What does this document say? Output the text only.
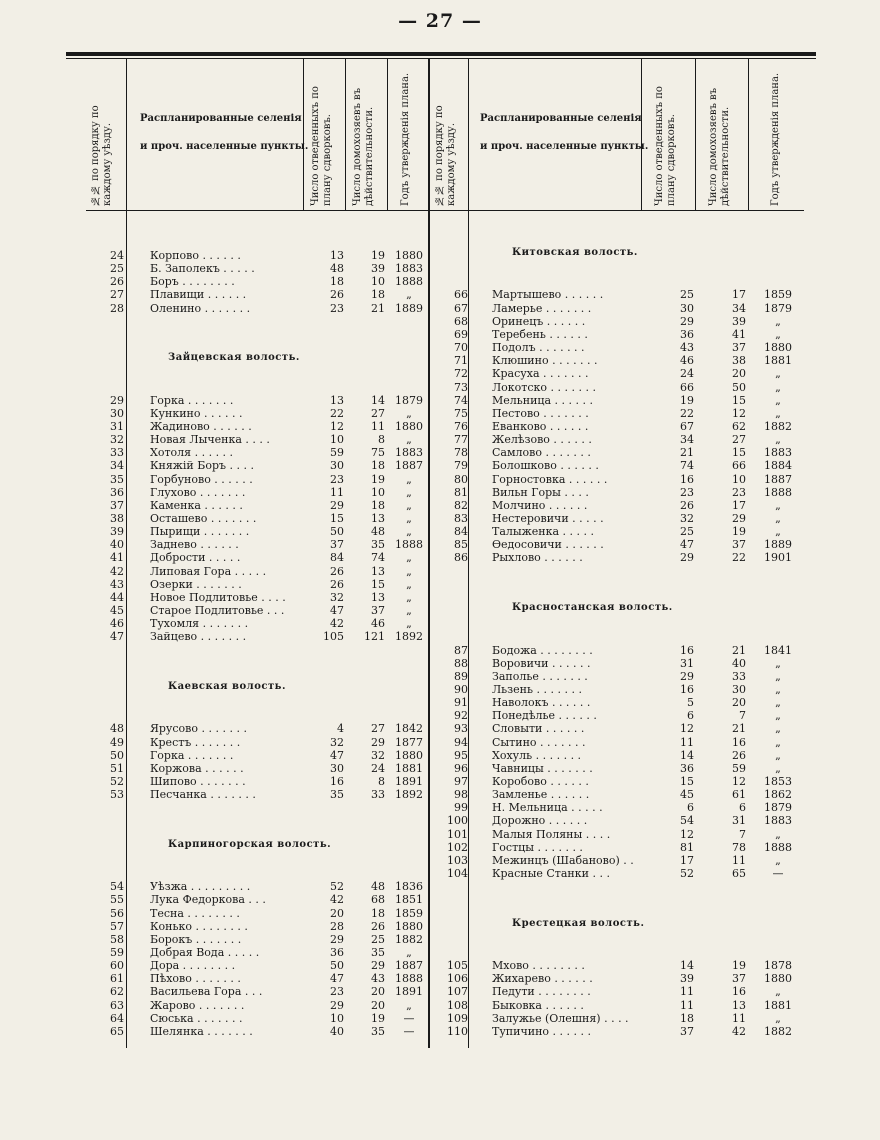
— 27 —
№№ по порядку по
каждому уѣзду.
Распланированные селенія
и проч. населенные пункты.
Число отведенныхъ по
плану сдворковъ.
Число домохозяевъ въ
дѣйствительности.	Годъ утвержденія плана. №№ по порядку по
каждому уѣзду.
Распланированные селенія
и проч. населенные пункты.
Число отведенныхъ по
плану сдворковъ.
Число домохозяевъ въ
дѣйствительности.	Годъ утвержденія плана.
24 Корпово . . . . . .	13	19 1880
25 Б. Заполекъ . . . . .	48	39 1883
26 Боръ . . . . . . . .	18	10 1888
27 Плавищи . . . . . .	26	18	„
28 Оленино . . . . . . .	23	21 1889
Зайцевская волость.
29 Горка . . . . . . .	13	14 1879
30 Кункино . . . . . .	22	27	„
31 Жадиново . . . . . .	12	11 1880
32 Новая Лыченка . . . .	10	8	„
33 Хотоля . . . . . .	59	75 1883
34 Княжій Боръ . . . .	30	18 1887
35 Горбуново . . . . . .	23	19	„
36 Глухово . . . . . . .	11	10	„
37 Каменка . . . . . .	29	18	„
38 Осташево . . . . . . .	15	13	„
39 Пырищи . . . . . . .	50	48	„
40 Заднево . . . . . .	37	35 1888
41 Добрости . . . . .	84	74	„
42 Липовая Гора . . . . .	26	13	„
43 Озерки . . . . . . .	26	15	„
44 Новое Подлитовье . . . .	32	13	„
45 Старое Подлитовье . . .	47	37	„
46 Тухомля . . . . . . .	42	46	„
47 Зайцево . . . . . . .	105	121 1892
Каевская волость.
48 Ярусово . . . . . . .	4	27 1842
49 Крестъ . . . . . . .	32	29 1877
50 Горка . . . . . . .	47	32 1880
51 Коржова . . . . . .	30	24 1881
52 Шипово . . . . . . .	16	8 1891
53 Песчанка . . . . . . .	35	33 1892
Карпиногорская волость.
54 Уѣзжа . . . . . . . . .	52	48 1836
55 Лука Федоркова . . .	42	68 1851
56 Тесна . . . . . . . .	20	18 1859
57 Конько . . . . . . . .	28	26 1880
58 Борокъ . . . . . . .	29	25 1882
59 Добрая Вода . . . . .	36	35	„
60 Дора . . . . . . . .	50	29 1887
61 Пѣхово . . . . . . .	47	43 1888
62 Васильева Гора . . .	23	20 1891
63 Жарово . . . . . . .	29	20	„
64 Сюська . . . . . . .	10	19	—
65 Шелянка . . . . . . .	40	35	—
Китовская волость.
66 Мартышево . . . . . .	25	17	1859
67 Ламерье . . . . . . .	30	34	1879
68 Оринецъ . . . . . .	29	39	„
69 Теребень . . . . . .	36	41	„
70 Подолъ . . . . . . .	43	37	1880
71 Клюшино . . . . . . .	46	38	1881
72 Красуха . . . . . . .	24	20	„
73 Локотско . . . . . . .	66	50	„
74 Мельница . . . . . .	19	15	„
75 Пестово . . . . . . .	22	12	„
76 Еванково . . . . . .	67	62	1882
77 Желѣзово . . . . . .	34	27	„
78 Самлово . . . . . . .	21	15	1883
79 Болошково . . . . . .	74	66	1884
80 Горностовка . . . . . .	16	10	1887
81 Вильн Горы . . . .	23	23	1888
82 Молчино . . . . . .	26	17	„
83 Нестеровичи . . . . .	32	29	„
84 Талыженка . . . . .	25	19	„
85 Ѳедосовичи . . . . . .	47	37	1889
86 Рыхлово . . . . . .	29	22	1901
Красностанская волость.
87 Бодожа . . . . . . . .	16	21	1841
88 Воровичи . . . . . .	31	40	„
89 Заполье . . . . . . .	29	33	„
90 Льзень . . . . . . .	16	30	„
91 Наволокъ . . . . . .	5	20	„
92 Понедѣлье . . . . . .	6	7	„
93 Словыти . . . . . .	12	21	„
94 Сытино . . . . . . .	11	16	„
95 Хохуль . . . . . . .	14	26	„
96 Чавницы . . . . . . .	36	59	„
97 Коробово . . . . . .	15	12	1853
98 Замленье . . . . . .	45	61	1862
99 Н. Мельница . . . . .	6	6	1879
100 Дорожно . . . . . .	54	31	1883
101 Малыя Поляны . . . .	12	7	„
102 Гостцы . . . . . . .	81	78	1888
103 Межинцъ (Шабаново) . .	17	11	„
104 Красные Станки . . .	52	65	—
Крестецкая волость.
105 Мхово . . . . . . . .	14	19	1878
106 Жихарево . . . . . .	39	37	1880
107 Педути . . . . . . . .	11	16	„
108 Быковка . . . . . .	11	13	1881
109 Залужье (Олешня) . . . .	18	11	„
110 Тупичино . . . . . .	37	42	1882
